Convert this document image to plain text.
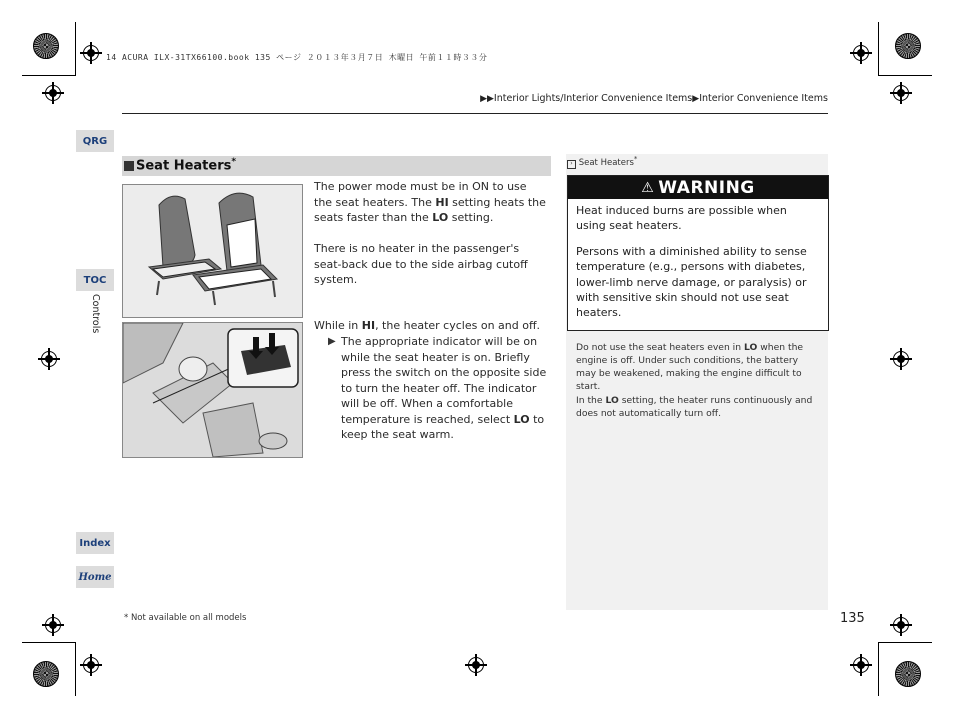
14 ACURA ILX-31TX66100.book 135 ページ ２０１３年３月７日 木曜日 午前１１時３３分
▶▶Interior Lights/Interior Convenience Items▶Interior Convenience Items
QRG
TOC
Controls
Index
Home
Seat Heaters*
The power mode must be in ON to use the seat heaters. The HI setting heats the seats faster than the LO setting.
There is no heater in the passenger's seat-back due to the side airbag cutoff system.
While in HI, the heater cycles on and off.
▶ The appropriate indicator will be on while the seat heater is on. Briefly press the switch on the opposite side to turn the heater off. The indicator will be off. When a comfortable temperature is reached, select LO to keep the seat warm.
› Seat Heaters*
⚠ WARNING
Heat induced burns are possible when using seat heaters.
Persons with a diminished ability to sense temperature (e.g., persons with diabetes, lower-limb nerve damage, or paralysis) or with sensitive skin should not use seat heaters.
Do not use the seat heaters even in LO when the engine is off. Under such conditions, the battery may be weakened, making the engine difficult to start.
In the LO setting, the heater runs continuously and does not automatically turn off.
* Not available on all models	135
